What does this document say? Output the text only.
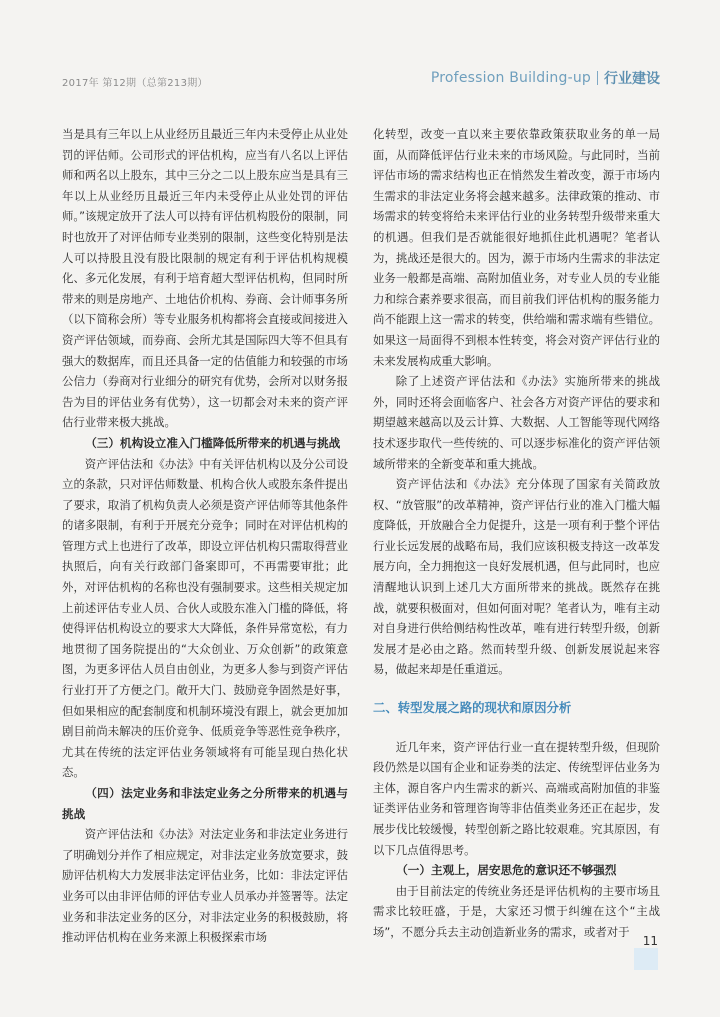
2017年 第12期（总第213期）	Profession Building-up 行业建设

当是具有三年以上从业经历且最近三年内未受停止从业处罚的评估师。公司形式的评估机构，应当有八名以上评估师和两名以上股东，其中三分之二以上股东应当是具有三年以上从业经历且最近三年内未受停止从业处罚的评估师。”该规定放开了法人可以持有评估机构股份的限制，同时也放开了对评估师专业类别的限制，这些变化特别是法人可以持股且没有股比限制的规定有利于评估机构规模化、多元化发展，有利于培育超大型评估机构，但同时所带来的则是房地产、土地估价机构、券商、会计师事务所（以下简称会所）等专业服务机构都将会直接或间接进入资产评估领域，而券商、会所尤其是国际四大等不但具有强大的数据库，而且还具备一定的估值能力和较强的市场公信力（券商对行业细分的研究有优势，会所对以财务报告为目的评估业务有优势），这一切都会对未来的资产评估行业带来极大挑战。

（三）机构设立准入门槛降低所带来的机遇与挑战

资产评估法和《办法》中有关评估机构以及分公司设立的条款，只对评估师数量、机构合伙人或股东条件提出了要求，取消了机构负责人必须是资产评估师等其他条件的诸多限制，有利于开展充分竞争；同时在对评估机构的管理方式上也进行了改革，即设立评估机构只需取得营业执照后，向有关行政部门备案即可，不再需要审批；此外，对评估机构的名称也没有强制要求。这些相关规定加上前述评估专业人员、合伙人或股东准入门槛的降低，将使得评估机构设立的要求大大降低，条件异常宽松，有力地贯彻了国务院提出的“大众创业、万众创新”的政策意图，为更多评估人员自由创业，为更多人参与到资产评估行业打开了方便之门。敞开大门、鼓励竞争固然是好事，但如果相应的配套制度和机制环境没有跟上，就会更加加剧目前尚未解决的压价竞争、低质竞争等恶性竞争秩序，尤其在传统的法定评估业务领域将有可能呈现白热化状态。

（四）法定业务和非法定业务之分所带来的机遇与挑战

资产评估法和《办法》对法定业务和非法定业务进行了明确划分并作了相应规定，对非法定业务放宽要求，鼓励评估机构大力发展非法定评估业务，比如：非法定评估业务可以由非评估师的评估专业人员承办并签署等。法定业务和非法定业务的区分，对非法定业务的积极鼓励，将推动评估机构在业务来源上积极探索市场

化转型，改变一直以来主要依靠政策获取业务的单一局面，从而降低评估行业未来的市场风险。与此同时，当前评估市场的需求结构也正在悄然发生着改变，源于市场内生需求的非法定业务将会越来越多。法律政策的推动、市场需求的转变将给未来评估行业的业务转型升级带来重大的机遇。但我们是否就能很好地抓住此机遇呢？笔者认为，挑战还是很大的。因为，源于市场内生需求的非法定业务一般都是高端、高附加值业务，对专业人员的专业能力和综合素养要求很高，而目前我们评估机构的服务能力尚不能跟上这一需求的转变，供给端和需求端有些错位。如果这一局面得不到根本性转变，将会对资产评估行业的未来发展构成重大影响。

除了上述资产评估法和《办法》实施所带来的挑战外，同时还将会面临客户、社会各方对资产评估的要求和期望越来越高以及云计算、大数据、人工智能等现代网络技术逐步取代一些传统的、可以逐步标准化的资产评估领域所带来的全新变革和重大挑战。

资产评估法和《办法》充分体现了国家有关简政放权、“放管服”的改革精神，资产评估行业的准入门槛大幅度降低，开放融合全力促提升，这是一项有利于整个评估行业长远发展的战略布局，我们应该积极支持这一改革发展方向，全力拥抱这一良好发展机遇，但与此同时，也应清醒地认识到上述几大方面所带来的挑战。既然存在挑战，就要积极面对，但如何面对呢？笔者认为，唯有主动对自身进行供给侧结构性改革，唯有进行转型升级，创新发展才是必由之路。然而转型升级、创新发展说起来容易，做起来却是任重道远。

二、转型发展之路的现状和原因分析

近几年来，资产评估行业一直在提转型升级，但现阶段仍然是以国有企业和证券类的法定、传统型评估业务为主体，源自客户内生需求的新兴、高端或高附加值的非鉴证类评估业务和管理咨询等非估值类业务还正在起步，发展步伐比较缓慢，转型创新之路比较艰难。究其原因，有以下几点值得思考。

（一）主观上，居安思危的意识还不够强烈

由于目前法定的传统业务还是评估机构的主要市场且需求比较旺盛，于是，大家还习惯于纠缠在这个“主战场”，不愿分兵去主动创造新业务的需求，或者对于

11
